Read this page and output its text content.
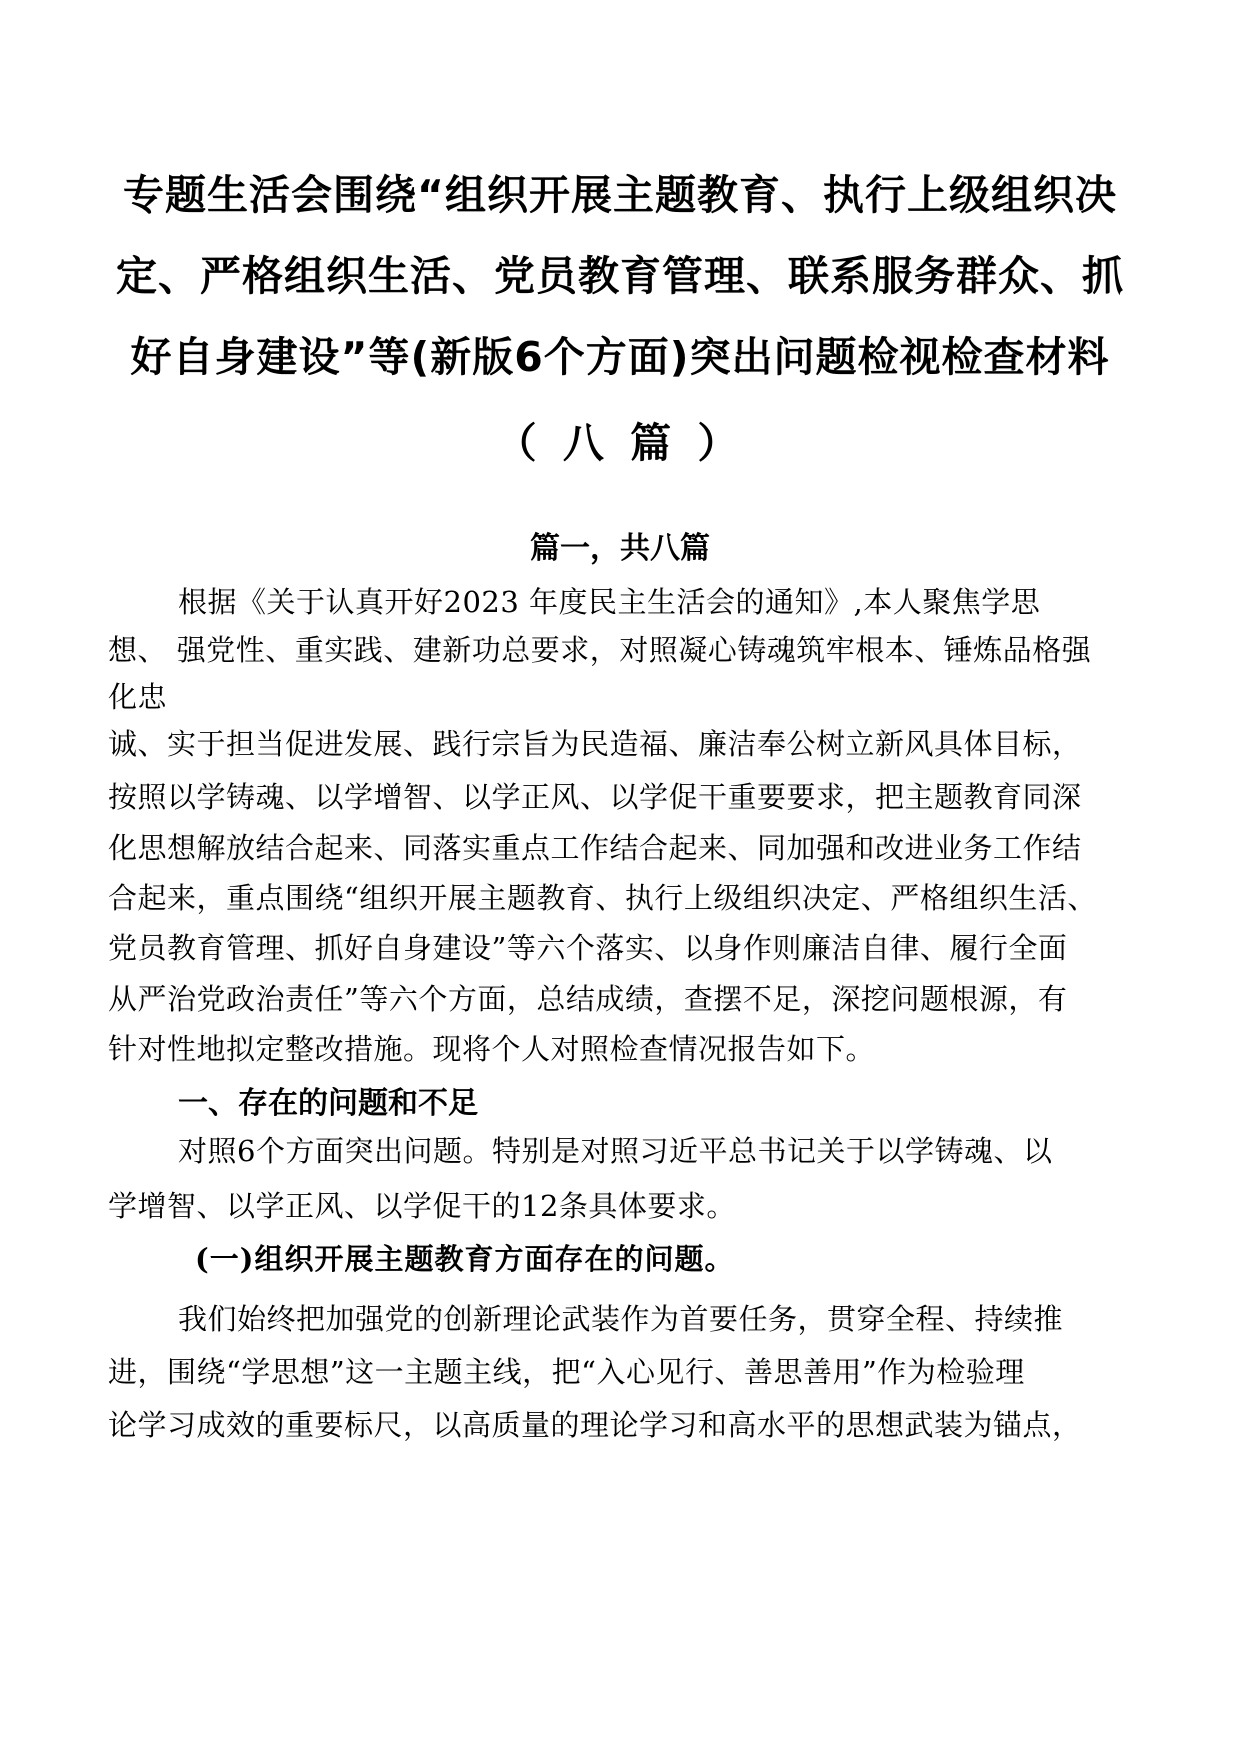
专题生活会围绕“组织开展主题教育、执行上级组织决
定、严格组织生活、党员教育管理、联系服务群众、抓
好自身建设”等(新版6个方面)突出问题检视检查材料
（ 八 篇 ）
篇一，共八篇
根据《关于认真开好2023 年度民主生活会的通知》,本人聚焦学思
想、 强党性、重实践、建新功总要求，对照凝心铸魂筑牢根本、锤炼品格强
化忠
诚、实于担当促进发展、践行宗旨为民造福、廉洁奉公树立新风具体目标，
按照以学铸魂、以学增智、以学正风、以学促干重要要求，把主题教育同深
化思想解放结合起来、同落实重点工作结合起来、同加强和改进业务工作结
合起来，重点围绕“组织开展主题教育、执行上级组织决定、严格组织生活、
党员教育管理、抓好自身建设”等六个落实、以身作则廉洁自律、履行全面
从严治党政治责任”等六个方面，总结成绩，查摆不足，深挖问题根源，有
针对性地拟定整改措施。现将个人对照检查情况报告如下。
一、存在的问题和不足
对照6个方面突出问题。特别是对照习近平总书记关于以学铸魂、以
学增智、以学正风、以学促干的12条具体要求。
(一)组织开展主题教育方面存在的问题。
我们始终把加强党的创新理论武装作为首要任务，贯穿全程、持续推
进，围绕“学思想”这一主题主线，把“入心见行、善思善用”作为检验理
论学习成效的重要标尺，以高质量的理论学习和高水平的思想武装为锚点，
